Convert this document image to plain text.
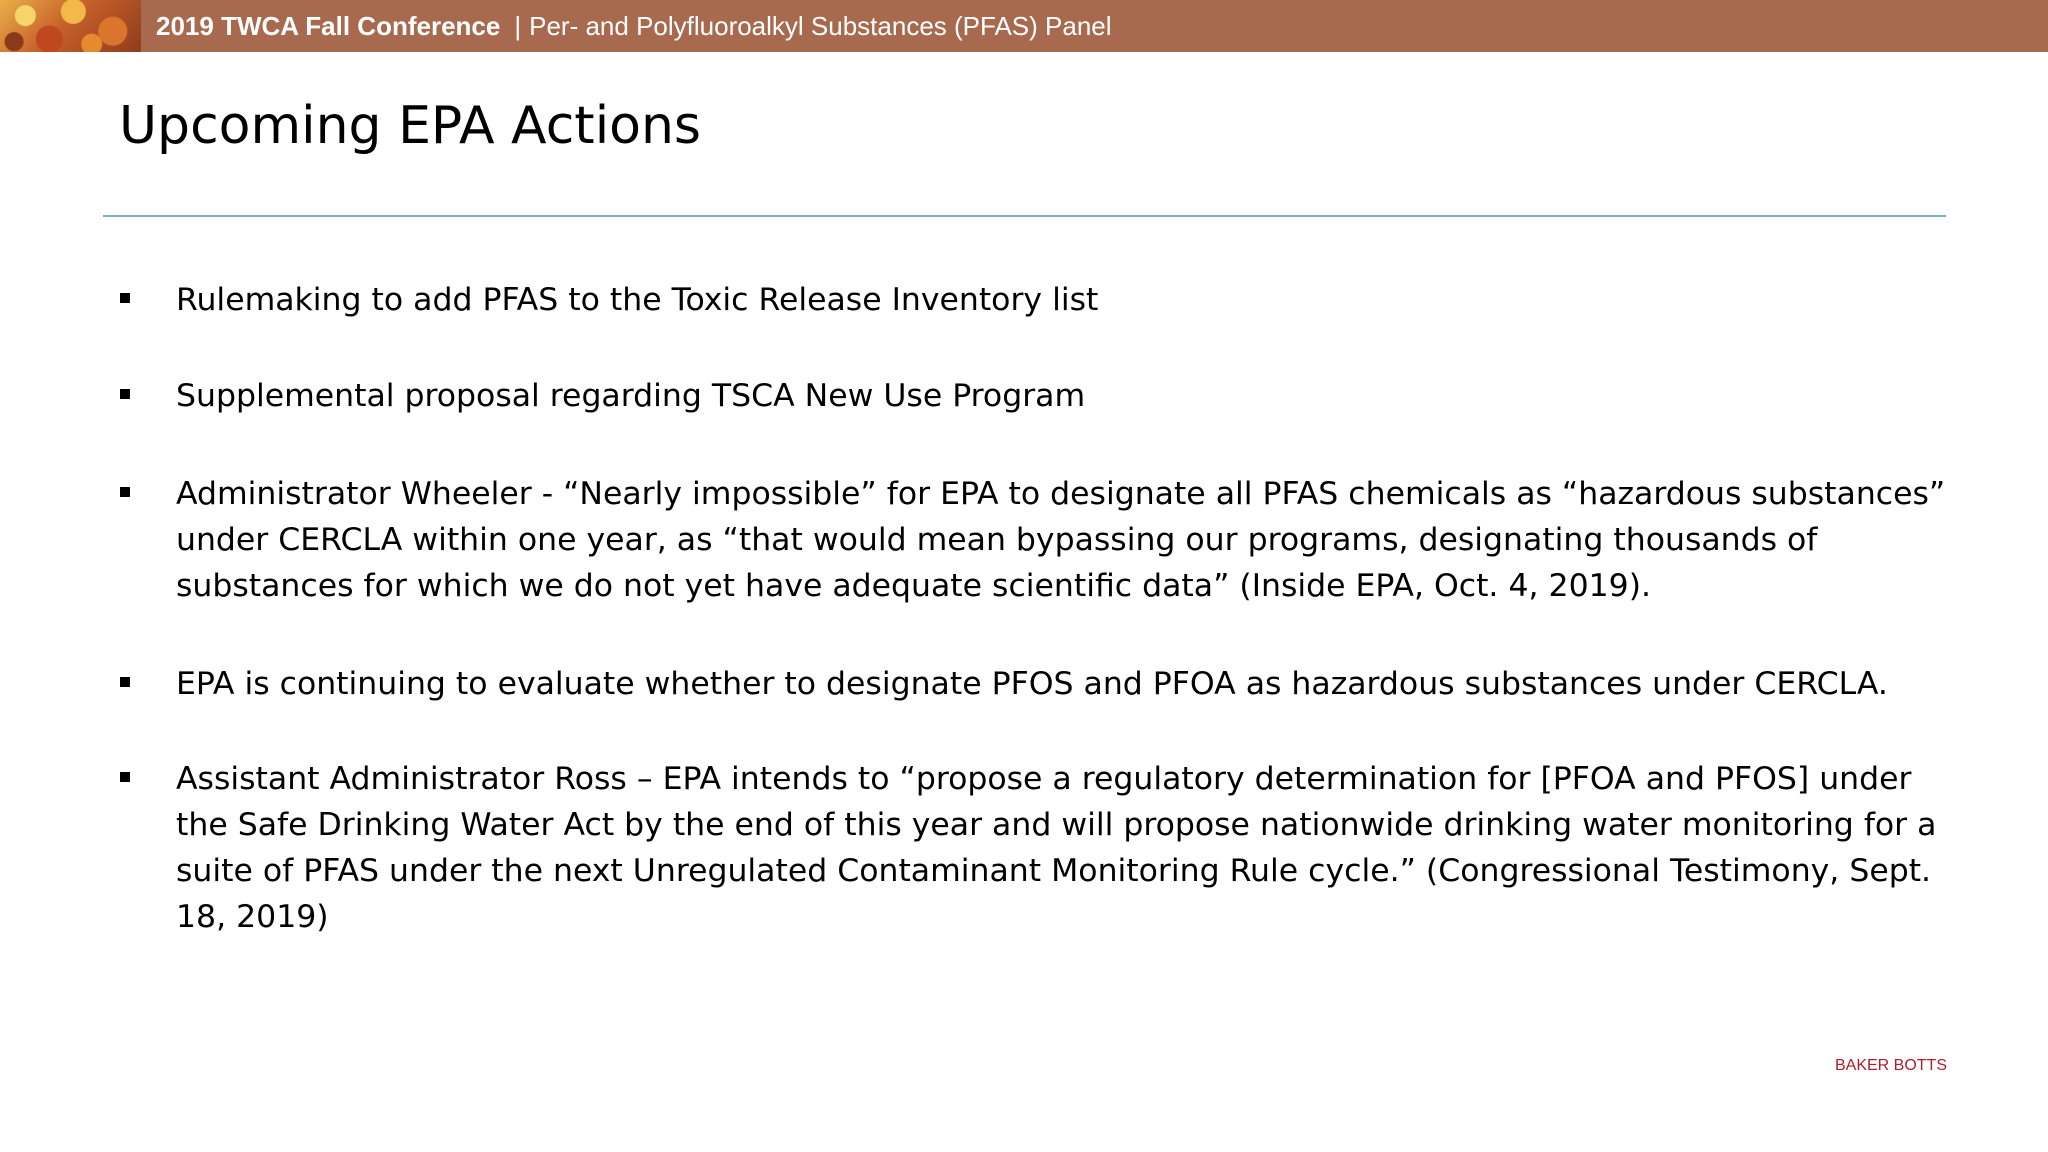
2019 TWCA Fall Conference | Per- and Polyfluoroalkyl Substances (PFAS) Panel
Upcoming EPA Actions

Rulemaking to add PFAS to the Toxic Release Inventory list

Supplemental proposal regarding TSCA New Use Program

Administrator Wheeler - “Nearly impossible” for EPA to designate all PFAS chemicals as “hazardous substances” under CERCLA within one year, as “that would mean bypassing our programs, designating thousands of substances for which we do not yet have adequate scientific data” (Inside EPA, Oct. 4, 2019).

EPA is continuing to evaluate whether to designate PFOS and PFOA as hazardous substances under CERCLA.

Assistant Administrator Ross – EPA intends to “propose a regulatory determination for [PFOA and PFOS] under the Safe Drinking Water Act by the end of this year and will propose nationwide drinking water monitoring for a suite of PFAS under the next Unregulated Contaminant Monitoring Rule cycle.” (Congressional Testimony, Sept. 18, 2019)

BAKER BOTTS
